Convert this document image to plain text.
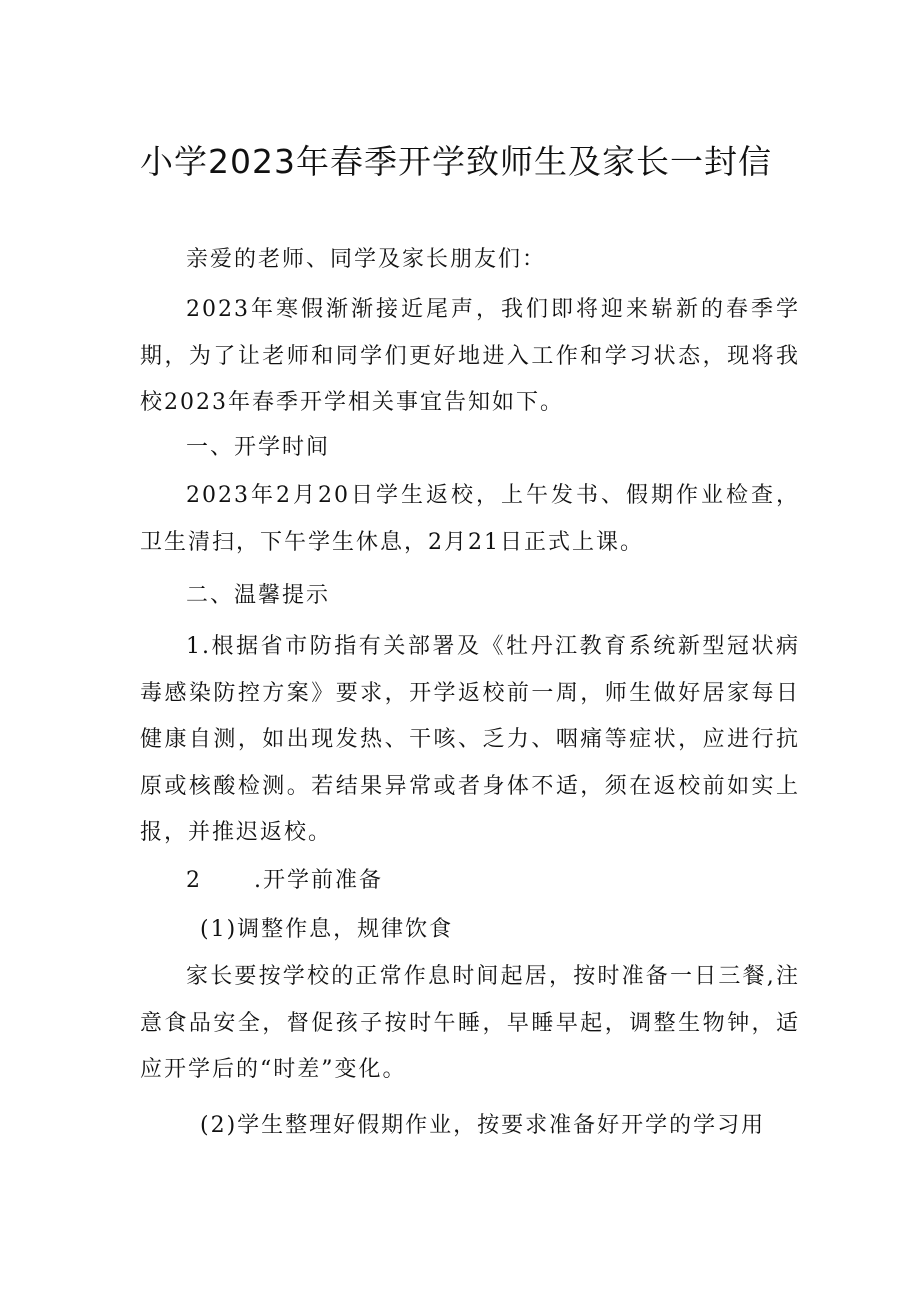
小学2023年春季开学致师生及家长一封信
亲爱的老师、同学及家长朋友们：
2023年寒假渐渐接近尾声，我们即将迎来崭新的春季学期，为了让老师和同学们更好地进入工作和学习状态，现将我校2023年春季开学相关事宜告知如下。
一、开学时间
2023年2月20日学生返校，上午发书、假期作业检查，卫生清扫，下午学生休息，2月21日正式上课。
二、温馨提示
1.根据省市防指有关部署及《牡丹江教育系统新型冠状病毒感染防控方案》要求，开学返校前一周，师生做好居家每日健康自测，如出现发热、干咳、乏力、咽痛等症状，应进行抗原或核酸检测。若结果异常或者身体不适，须在返校前如实上报，并推迟返校。
2 .开学前准备
(1)调整作息，规律饮食
家长要按学校的正常作息时间起居，按时准备一日三餐,注意食品安全，督促孩子按时午睡，早睡早起，调整生物钟，适应开学后的“时差”变化。
(2)学生整理好假期作业，按要求准备好开学的学习用
